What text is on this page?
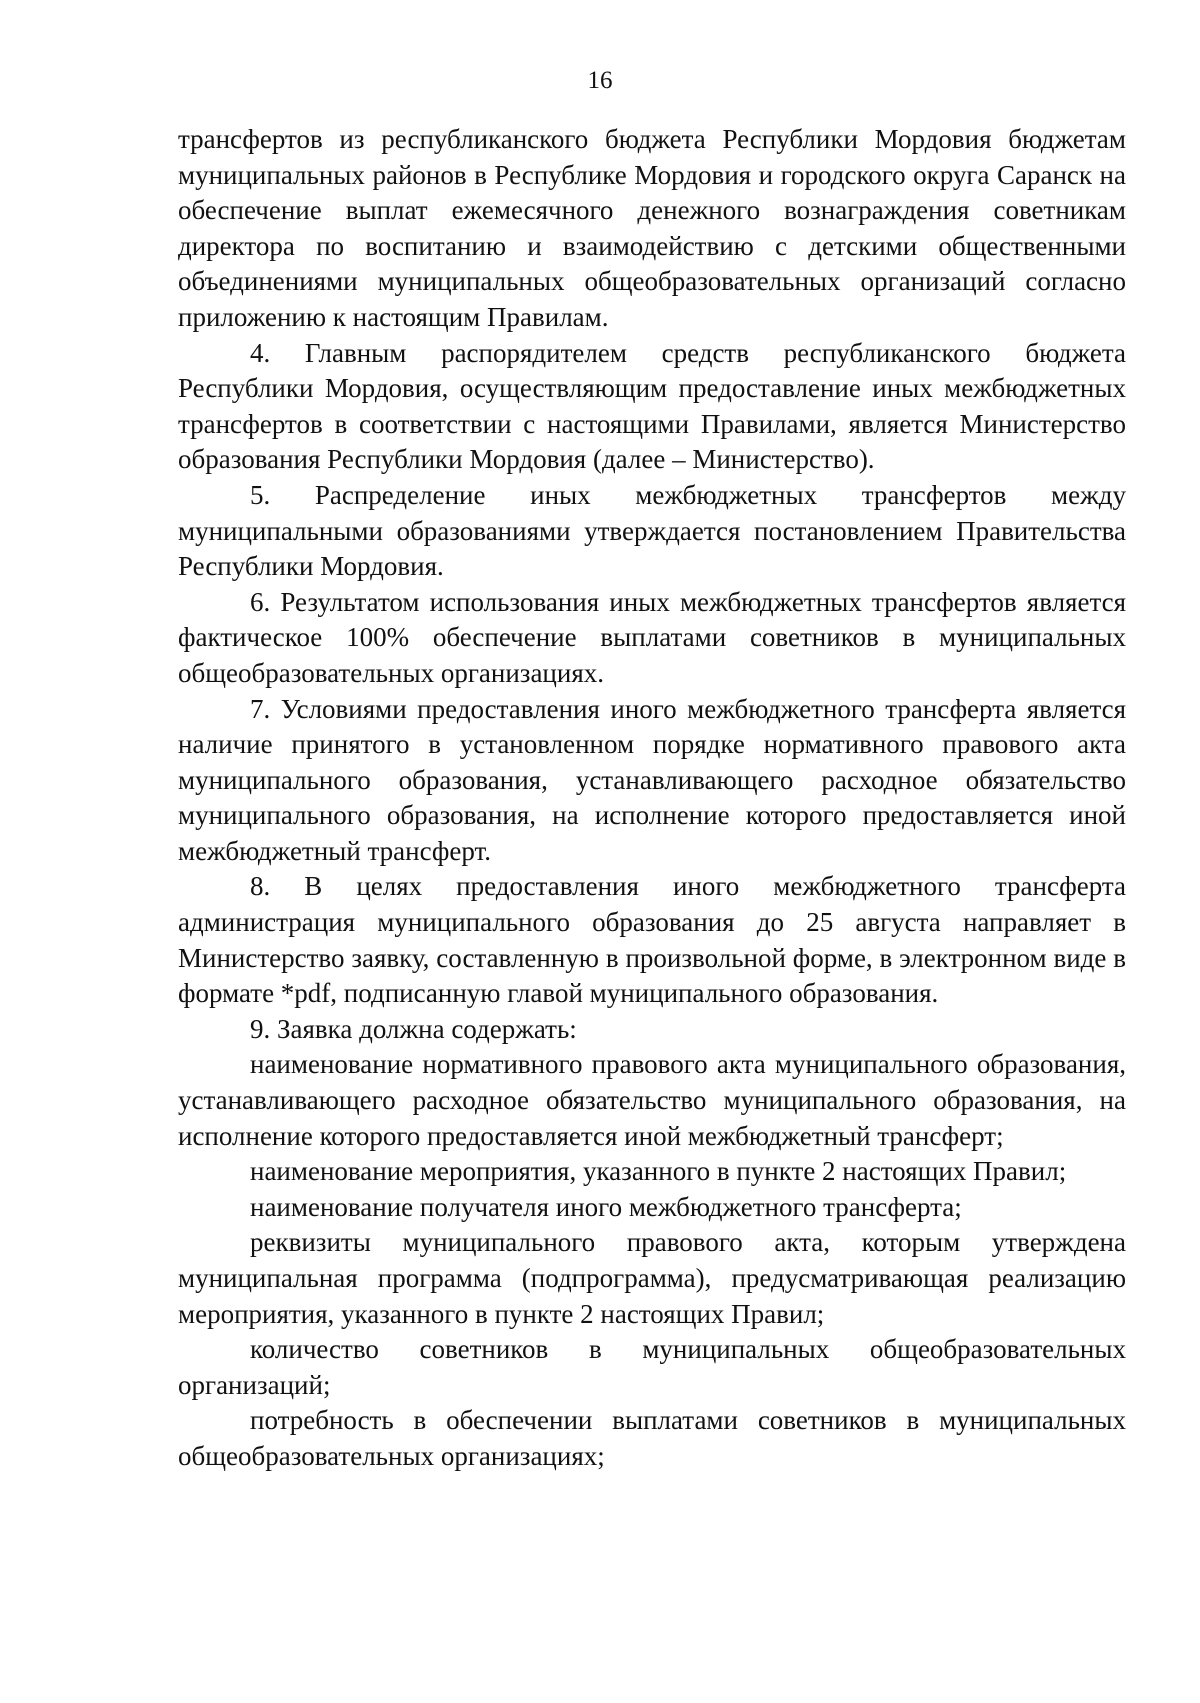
16

трансфертов из республиканского бюджета Республики Мордовия бюджетам муниципальных районов в Республике Мордовия и городского округа Саранск на обеспечение выплат ежемесячного денежного вознаграждения советникам директора по воспитанию и взаимодействию с детскими общественными объединениями муниципальных общеобразовательных организаций согласно приложению к настоящим Правилам.

4. Главным распорядителем средств республиканского бюджета Республики Мордовия, осуществляющим предоставление иных межбюджетных трансфертов в соответствии с настоящими Правилами, является Министерство образования Республики Мордовия (далее – Министерство).

5. Распределение иных межбюджетных трансфертов между муниципальными образованиями утверждается постановлением Правительства Республики Мордовия.

6. Результатом использования иных межбюджетных трансфертов является фактическое 100% обеспечение выплатами советников в муниципальных общеобразовательных организациях.

7. Условиями предоставления иного межбюджетного трансферта является наличие принятого в установленном порядке нормативного правового акта муниципального образования, устанавливающего расходное обязательство муниципального образования, на исполнение которого предоставляется иной межбюджетный трансферт.

8. В целях предоставления иного межбюджетного трансферта администрация муниципального образования до 25 августа направляет в Министерство заявку, составленную в произвольной форме, в электронном виде в формате *pdf, подписанную главой муниципального образования.

9. Заявка должна содержать:

наименование нормативного правового акта муниципального образования, устанавливающего расходное обязательство муниципального образования, на исполнение которого предоставляется иной межбюджетный трансферт;

наименование мероприятия, указанного в пункте 2 настоящих Правил;

наименование получателя иного межбюджетного трансферта;

реквизиты муниципального правового акта, которым утверждена муниципальная программа (подпрограмма), предусматривающая реализацию мероприятия, указанного в пункте 2 настоящих Правил;

количество советников в муниципальных общеобразовательных организаций;

потребность в обеспечении выплатами советников в муниципальных общеобразовательных организациях;
